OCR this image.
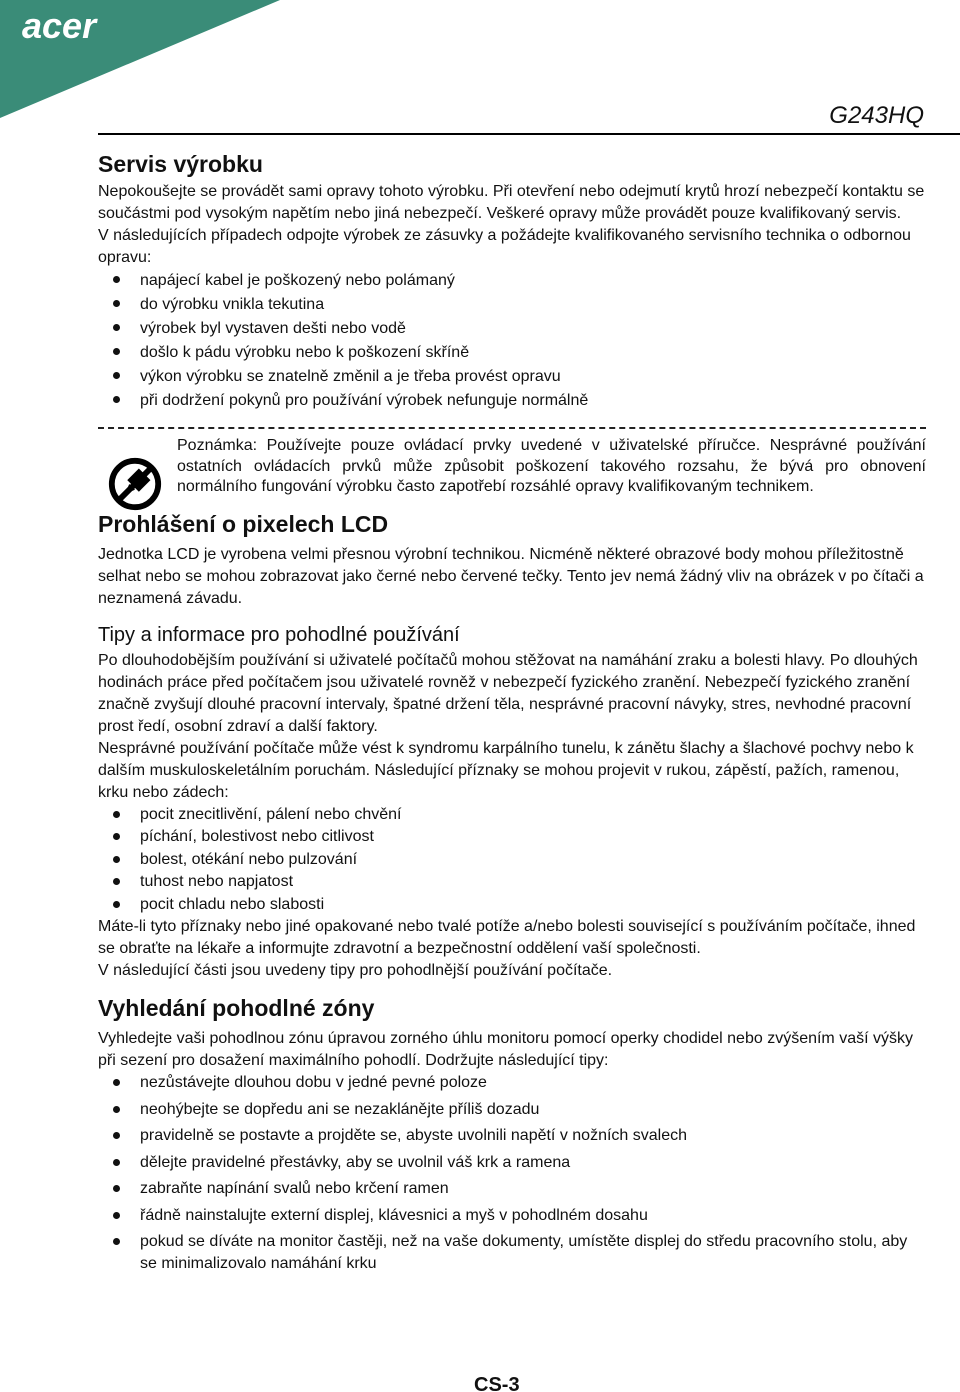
acer
G243HQ
Servis výrobku

Nepokoušejte se provádět sami opravy tohoto výrobku. Při otevření nebo odejmutí krytů hrozí nebezpečí kontaktu se součástmi pod vysokým napětím nebo jiná nebezpečí. Veškeré opravy může provádět pouze kvalifikovaný servis.

V následujících případech odpojte výrobek ze zásuvky a požádejte kvalifikovaného servisního technika o odbornou opravu:

napájecí kabel je poškozený nebo polámaný
do výrobku vnikla tekutina
výrobek byl vystaven dešti nebo vodě
došlo k pádu výrobku nebo k poškození skříně
výkon výrobku se znatelně změnil a je třeba provést opravu
při dodržení pokynů pro používání výrobek nefunguje normálně

Poznámka: Používejte pouze ovládací prvky uvedené v uživatelské příručce. Nesprávné používání ostatních ovládacích prvků může způsobit poškození takového rozsahu, že bývá pro obnovení normálního fungování výrobku často zapotřebí rozsáhlé opravy kvalifikovaným technikem.

Prohlášení o pixelech LCD

Jednotka LCD je vyrobena velmi přesnou výrobní technikou. Nicméně některé obrazové body mohou příležitostně selhat nebo se mohou zobrazovat jako černé nebo červené tečky. Tento jev nemá žádný vliv na obrázek v po čítači a neznamená závadu.

Tipy a informace pro pohodlné používání

Po dlouhodobějším používání si uživatelé počítačů mohou stěžovat na namáhání zraku a bolesti hlavy. Po dlouhých hodinách práce před počítačem jsou uživatelé rovněž v nebezpečí fyzického zranění. Nebezpečí fyzického zranění značně zvyšují dlouhé pracovní intervaly, špatné držení těla, nesprávné pracovní návyky, stres, nevhodné pracovní prost ředí, osobní zdraví a další faktory.

Nesprávné používání počítače může vést k syndromu karpálního tunelu, k zánětu šlachy a šlachové pochvy nebo k dalším muskuloskeletálním poruchám. Následující příznaky se mohou projevit v rukou, zápěstí, pažích, ramenou, krku nebo zádech:

pocit znecitlivění, pálení nebo chvění
píchání, bolestivost nebo citlivost
bolest, otékání nebo pulzování
tuhost nebo napjatost
pocit chladu nebo slabosti

Máte-li tyto příznaky nebo jiné opakované nebo tvalé potíže a/nebo bolesti související s používáním počítače, ihned se obraťte na lékaře a informujte zdravotní a bezpečnostní oddělení vaší společnosti.

V následující části jsou uvedeny tipy pro pohodlnější používání počítače.

Vyhledání pohodlné zóny

Vyhledejte vaši pohodlnou zónu úpravou zorného úhlu monitoru pomocí operky chodidel nebo zvýšením vaší výšky při sezení pro dosažení maximálního pohodlí. Dodržujte následující tipy:

nezůstávejte dlouhou dobu v jedné pevné poloze
neohýbejte se dopředu ani se nezaklánějte příliš dozadu
pravidelně se postavte a projděte se, abyste uvolnili napětí v nožních svalech
dělejte pravidelné přestávky, aby se uvolnil váš krk a ramena
zabraňte napínání svalů nebo krčení ramen
řádně nainstalujte externí displej, klávesnici a myš v pohodlném dosahu
pokud se díváte na monitor častěji, než na vaše dokumenty, umístěte displej do středu pracovního stolu, aby se minimalizovalo namáhání krku
CS-3
